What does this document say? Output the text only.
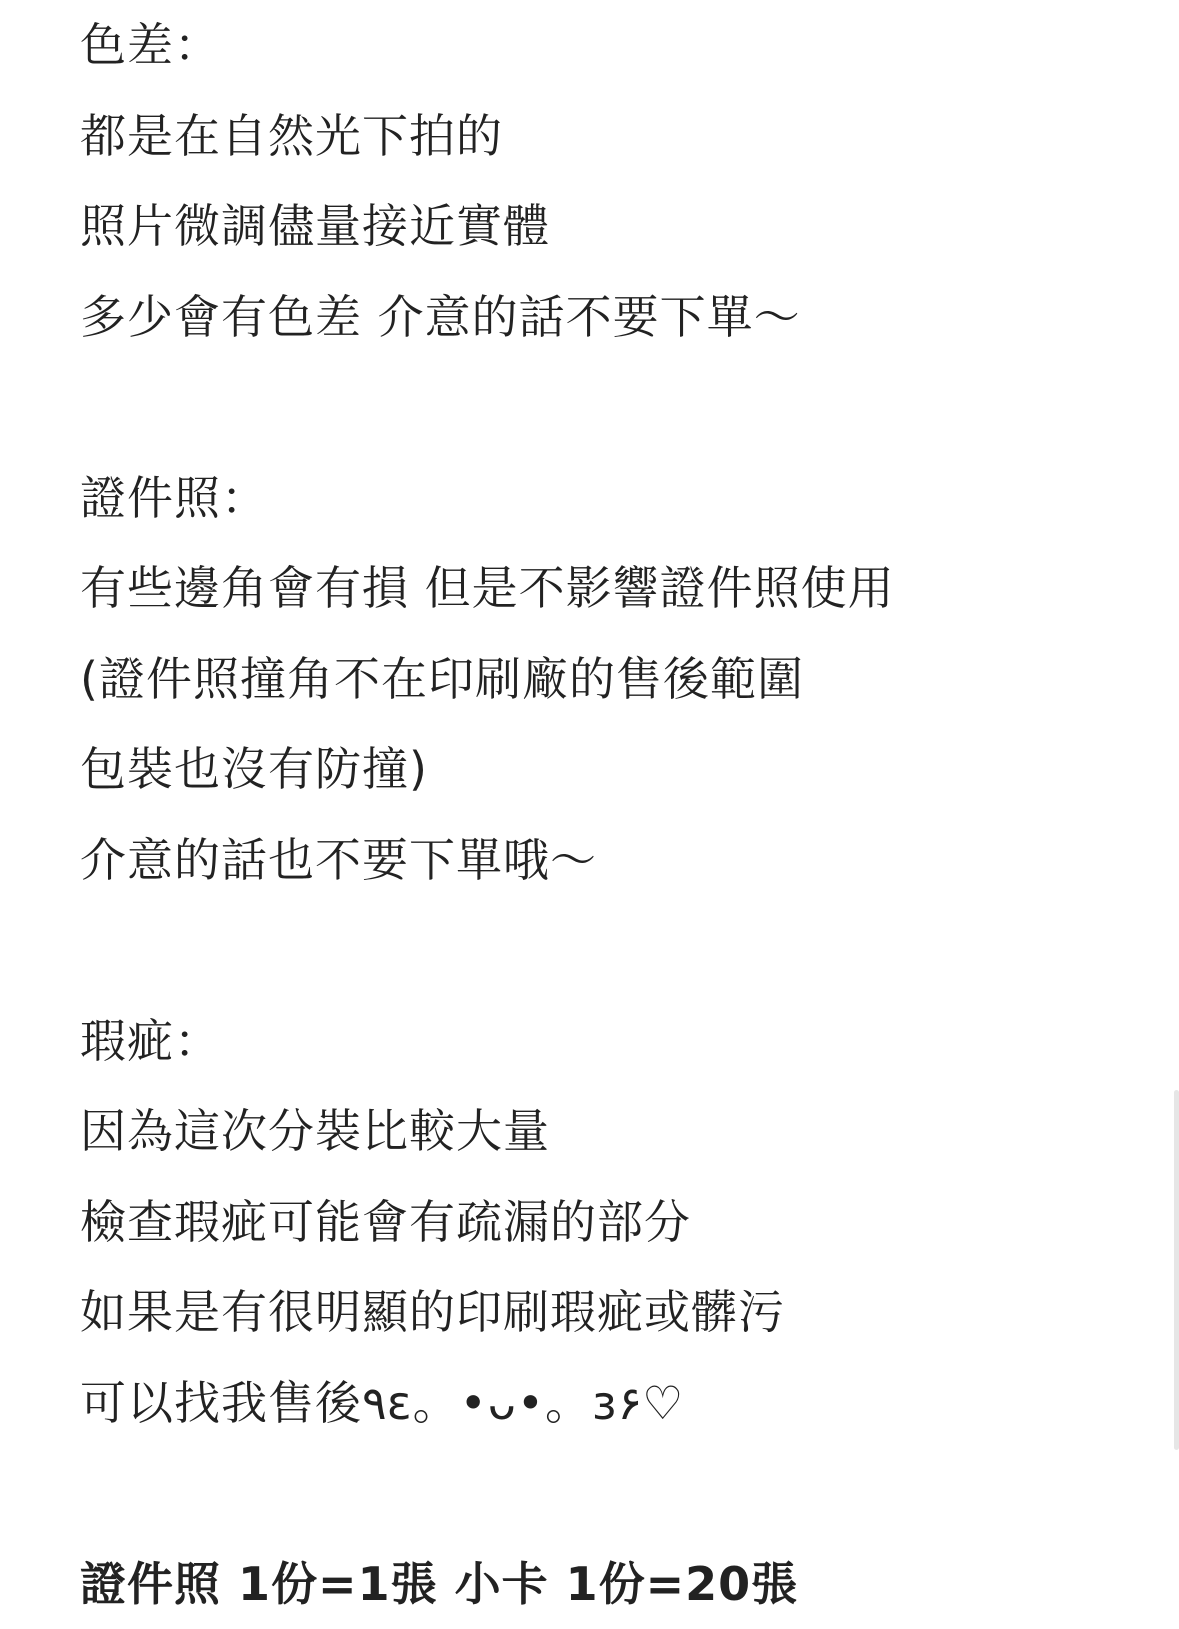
色差：
都是在自然光下拍的
照片微調儘量接近實體
多少會有色差 介意的話不要下單～
證件照：
有些邊角會有損 但是不影響證件照使用
(證件照撞角不在印刷廠的售後範圍
包裝也沒有防撞)
介意的話也不要下單哦～
瑕疵：
因為這次分裝比較大量
檢查瑕疵可能會有疏漏的部分
如果是有很明顯的印刷瑕疵或髒污
可以找我售後٩ɛ。•ᴗ•。ɜ۶♡
證件照 1份=1張 小卡 1份=20張
